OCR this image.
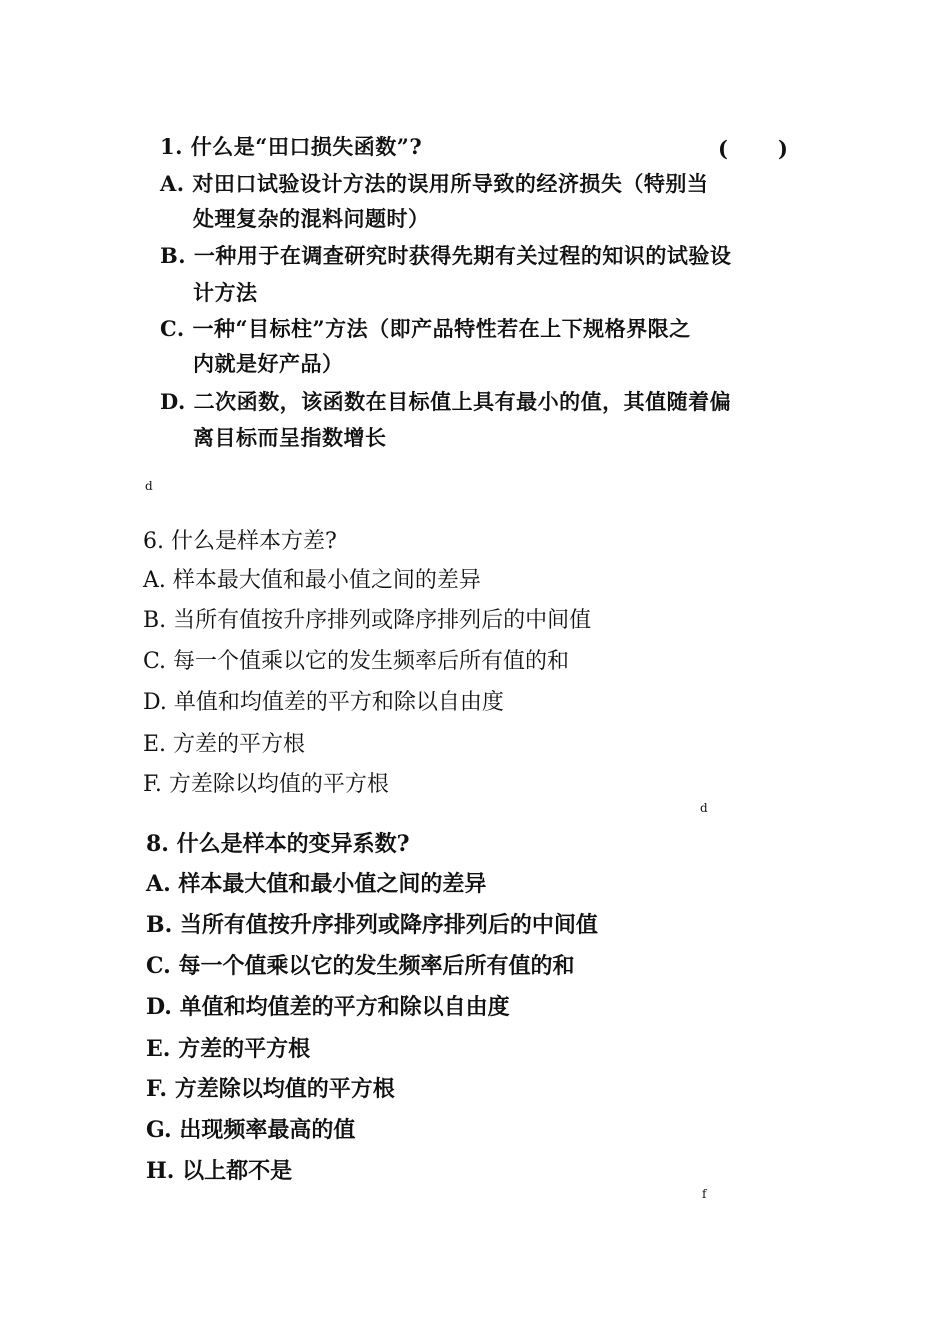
1. 什么是“田口损失函数”?	( )
A. 对田口试验设计方法的误用所导致的经济损失（特别当
处理复杂的混料问题时）
B. 一种用于在调查研究时获得先期有关过程的知识的试验设
计方法
C. 一种“目标柱”方法（即产品特性若在上下规格界限之
内就是好产品）
D. 二次函数，该函数在目标值上具有最小的值，其值随着偏
离目标而呈指数增长
d
6. 什么是样本方差?
A. 样本最大值和最小值之间的差异
B. 当所有值按升序排列或降序排列后的中间值
C. 每一个值乘以它的发生频率后所有值的和
D. 单值和均值差的平方和除以自由度
E. 方差的平方根
F. 方差除以均值的平方根
d
8. 什么是样本的变异系数?
A. 样本最大值和最小值之间的差异
B. 当所有值按升序排列或降序排列后的中间值
C. 每一个值乘以它的发生频率后所有值的和
D. 单值和均值差的平方和除以自由度
E. 方差的平方根
F. 方差除以均值的平方根
G. 出现频率最高的值
H. 以上都不是
f
